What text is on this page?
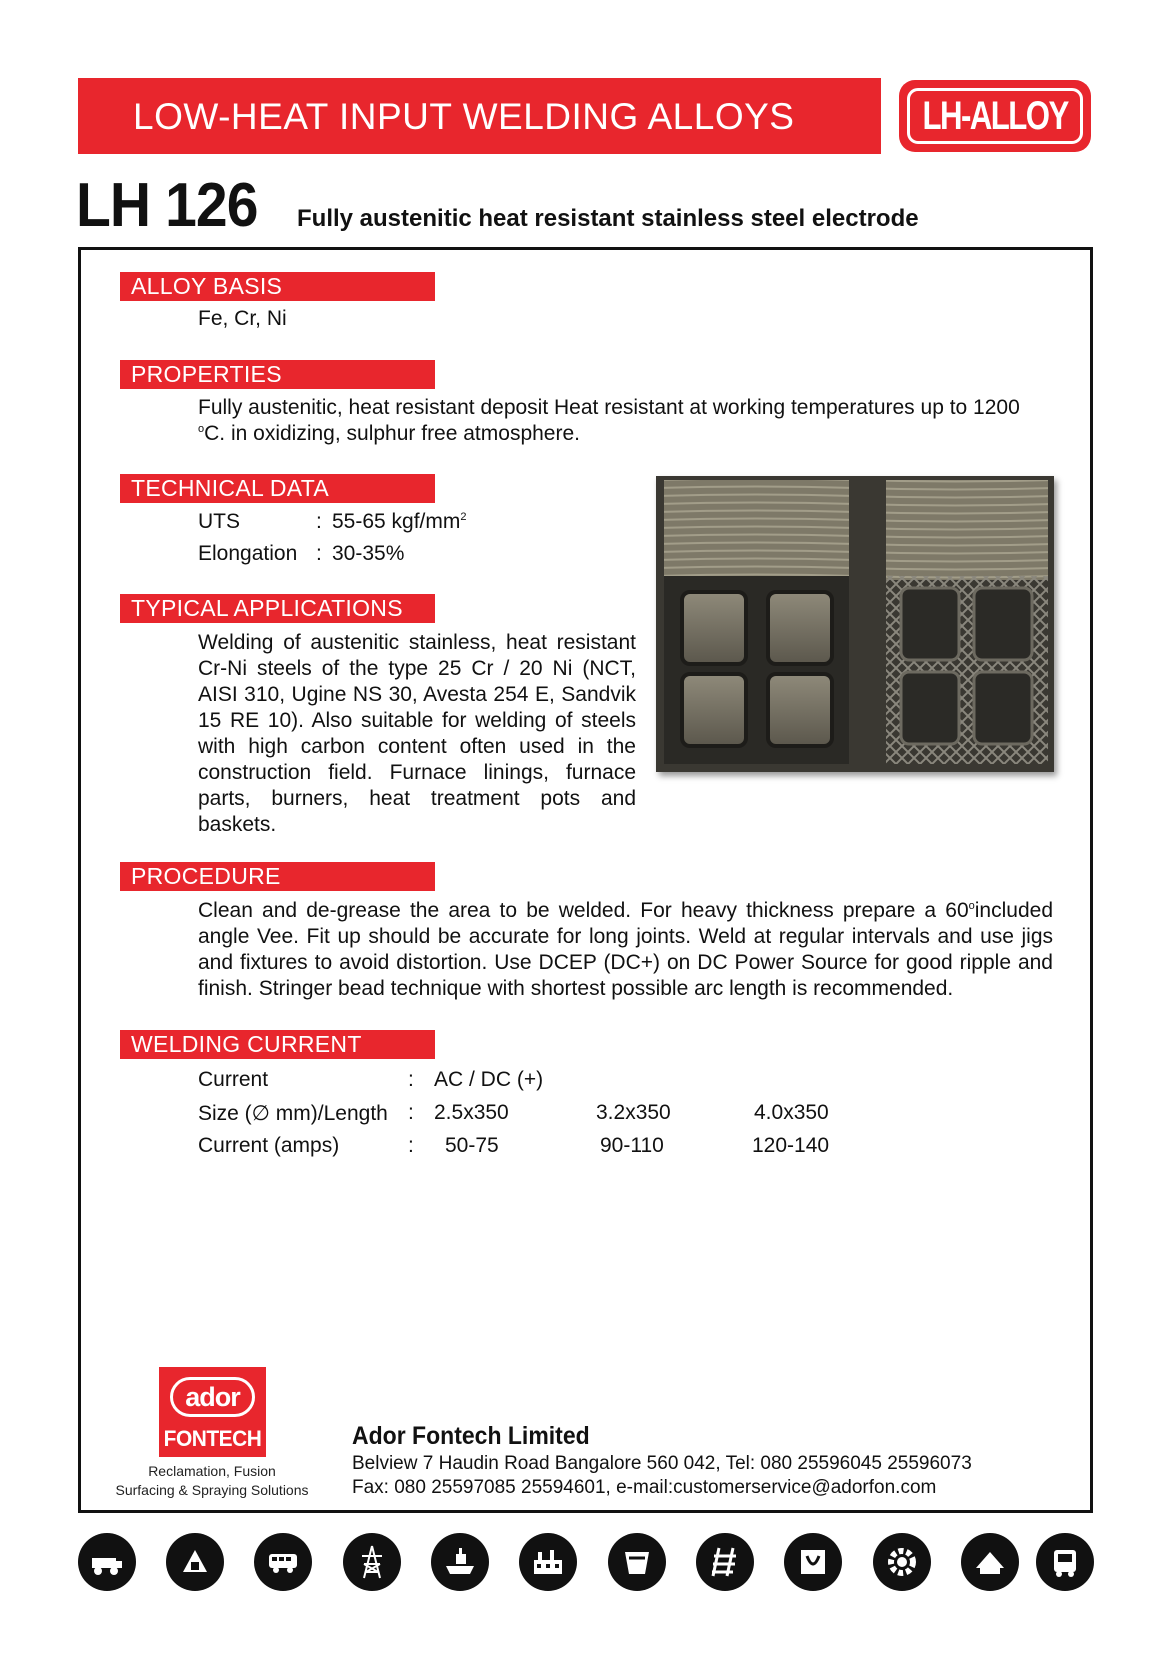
LOW-HEAT INPUT WELDING ALLOYS	LH-ALLOY
LH 126 Fully austenitic heat resistant stainless steel electrode
ALLOY BASIS
Fe, Cr, Ni
PROPERTIES
Fully austenitic, heat resistant deposit Heat resistant at working temperatures up to 1200
$^o$C. in oxidizing, sulphur free atmosphere.
TECHNICAL DATA
UTS	: 55-65 kgf/$mm^2$
Elongation : 30-35%
TYPICAL APPLICATIONS
Welding of austenitic stainless, heat resistant Cr-Ni steels of the type 25 Cr / 20 Ni (NCT, AISI 310, Ugine NS 30, Avesta 254 E, Sandvik 15 RE 10). Also suitable for welding of steels with high carbon content often used in the construction field. Furnace linings, furnace parts, burners, heat treatment pots and baskets.
PROCEDURE
Clean and de-grease the area to be welded. For heavy thickness prepare a 60$^o$included angle Vee. Fit up should be accurate for long joints. Weld at regular intervals and use jigs and fixtures to avoid distortion. Use DCEP (DC+) on DC Power Source for good ripple and finish. Stringer bead technique with shortest possible arc length is recommended.
WELDING CURRENT
Current	: AC / DC (+)
Size (∅ mm)/Length : 2.5x350	3.2x350	4.0x350
Current (amps)	: 50-75	90-110	120-140
ador
FONTECH
Reclamation, Fusion
Surfacing & Spraying Solutions
Ador Fontech Limited
Belview 7 Haudin Road Bangalore 560 042, Tel: 080 25596045 25596073
Fax: 080 25597085 25594601, e-mail:customerservice@adorfon.com
